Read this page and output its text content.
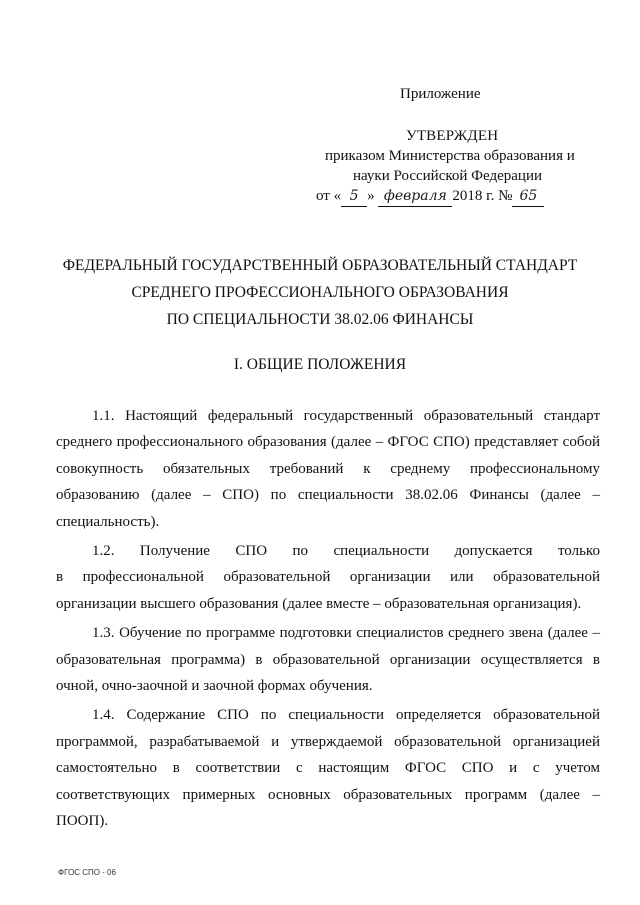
Приложение
УТВЕРЖДЕН
приказом Министерства образования и
науки Российской Федерации
от « 5 » февраля 2018 г. № 65
ФЕДЕРАЛЬНЫЙ ГОСУДАРСТВЕННЫЙ ОБРАЗОВАТЕЛЬНЫЙ СТАНДАРТ
СРЕДНЕГО ПРОФЕССИОНАЛЬНОГО ОБРАЗОВАНИЯ
ПО СПЕЦИАЛЬНОСТИ 38.02.06 ФИНАНСЫ
I. ОБЩИЕ ПОЛОЖЕНИЯ

1.1. Настоящий федеральный государственный образовательный стандарт среднего профессионального образования (далее – ФГОС СПО) представляет собой совокупность обязательных требований к среднему профессиональному образованию (далее – СПО) по специальности 38.02.06 Финансы (далее – специальность).

1.2. Получение СПО по специальности допускается только

в профессиональной образовательной организации или образовательной

организации высшего образования (далее вместе – образовательная организация).

1.3. Обучение по программе подготовки специалистов среднего звена (далее – образовательная программа) в образовательной организации осуществляется в очной, очно-заочной и заочной формах обучения.

1.4. Содержание СПО по специальности определяется образовательной программой, разрабатываемой и утверждаемой образовательной организацией самостоятельно в соответствии с настоящим ФГОС СПО и с учетом соответствующих примерных основных образовательных программ (далее – ПООП).

ФГОС СПО - 06
